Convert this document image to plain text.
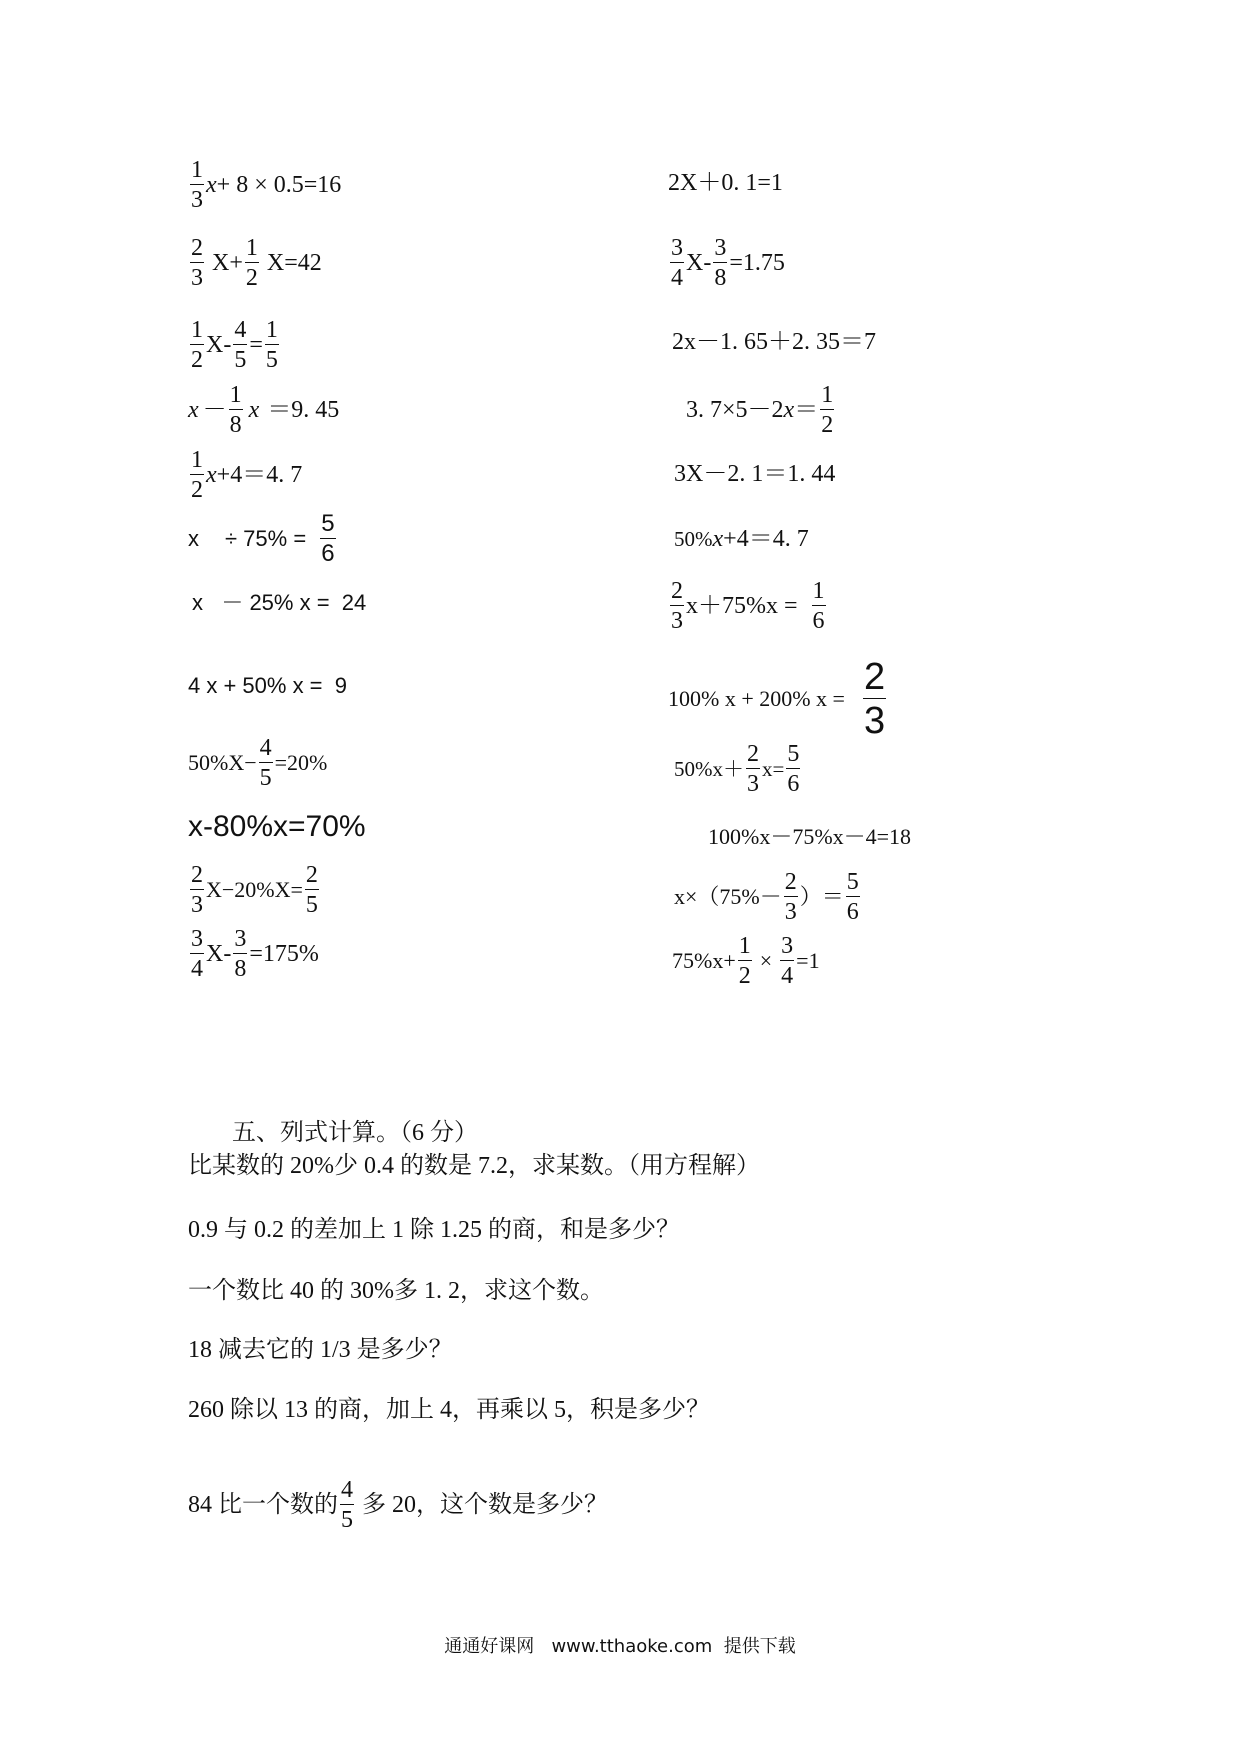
$\frac{1}{3}$ x + 8 × 0.5=16
$\frac{2}{3} X+ \frac{1}{2} X=42$
$\frac{1}{2} X- \frac{4}{5} = \frac{1}{5}$
$x - \frac{1}{8}$ x ＝9. 45
$\frac{1}{2}$ x +4＝4. 7
$x \div 75\% = \frac{5}{6}$
x   － 25% x =  24
4 x + 50% x =  9
$50\%X- \frac{4}{5} =20\%$
x-80%x=70%
$\frac{2}{3} X-20\%X= \frac{2}{5}$
$\frac{3}{4} X- \frac{3}{8} =175\%$
2X＋0. 1=1
$\frac{3}{4} X- \frac{3}{8} =1.75$
2x－1. 65＋2. 35＝7
3. 7×5－2 $x = \frac{1}{2}$
3X－2. 1＝1. 44
50% x +4＝4. 7
$\frac{2}{3} x+75\%x = \frac{1}{6}$
100% x + 200% $x = \frac{2}{3}$
$50\%x+ \frac{2}{3} x= \frac{5}{6}$
100%x－75%x－4=18
$x\times(75\%- \frac{2}{3}$ ）＝ $\frac{5}{6}$
$75\%x+ \frac{1}{2} \times \frac{3}{4} =1$
五、列式计算。（6 分）
比某数的 20%少 0.4 的数是 7.2，求某数。（用方程解）
0.9 与 0.2 的差加上 1 除 1.25 的商，和是多少？
一个数比 40 的 30%多 1. 2，求这个数。
18 减去它的 1/3 是多少？
260 除以 13 的商，加上 4，再乘以 5，积是多少？
84 比一个数的 $\frac{4}{5}$ 多 20，这个数是多少？
通通好课网   www.tthaoke.com  提供下载
